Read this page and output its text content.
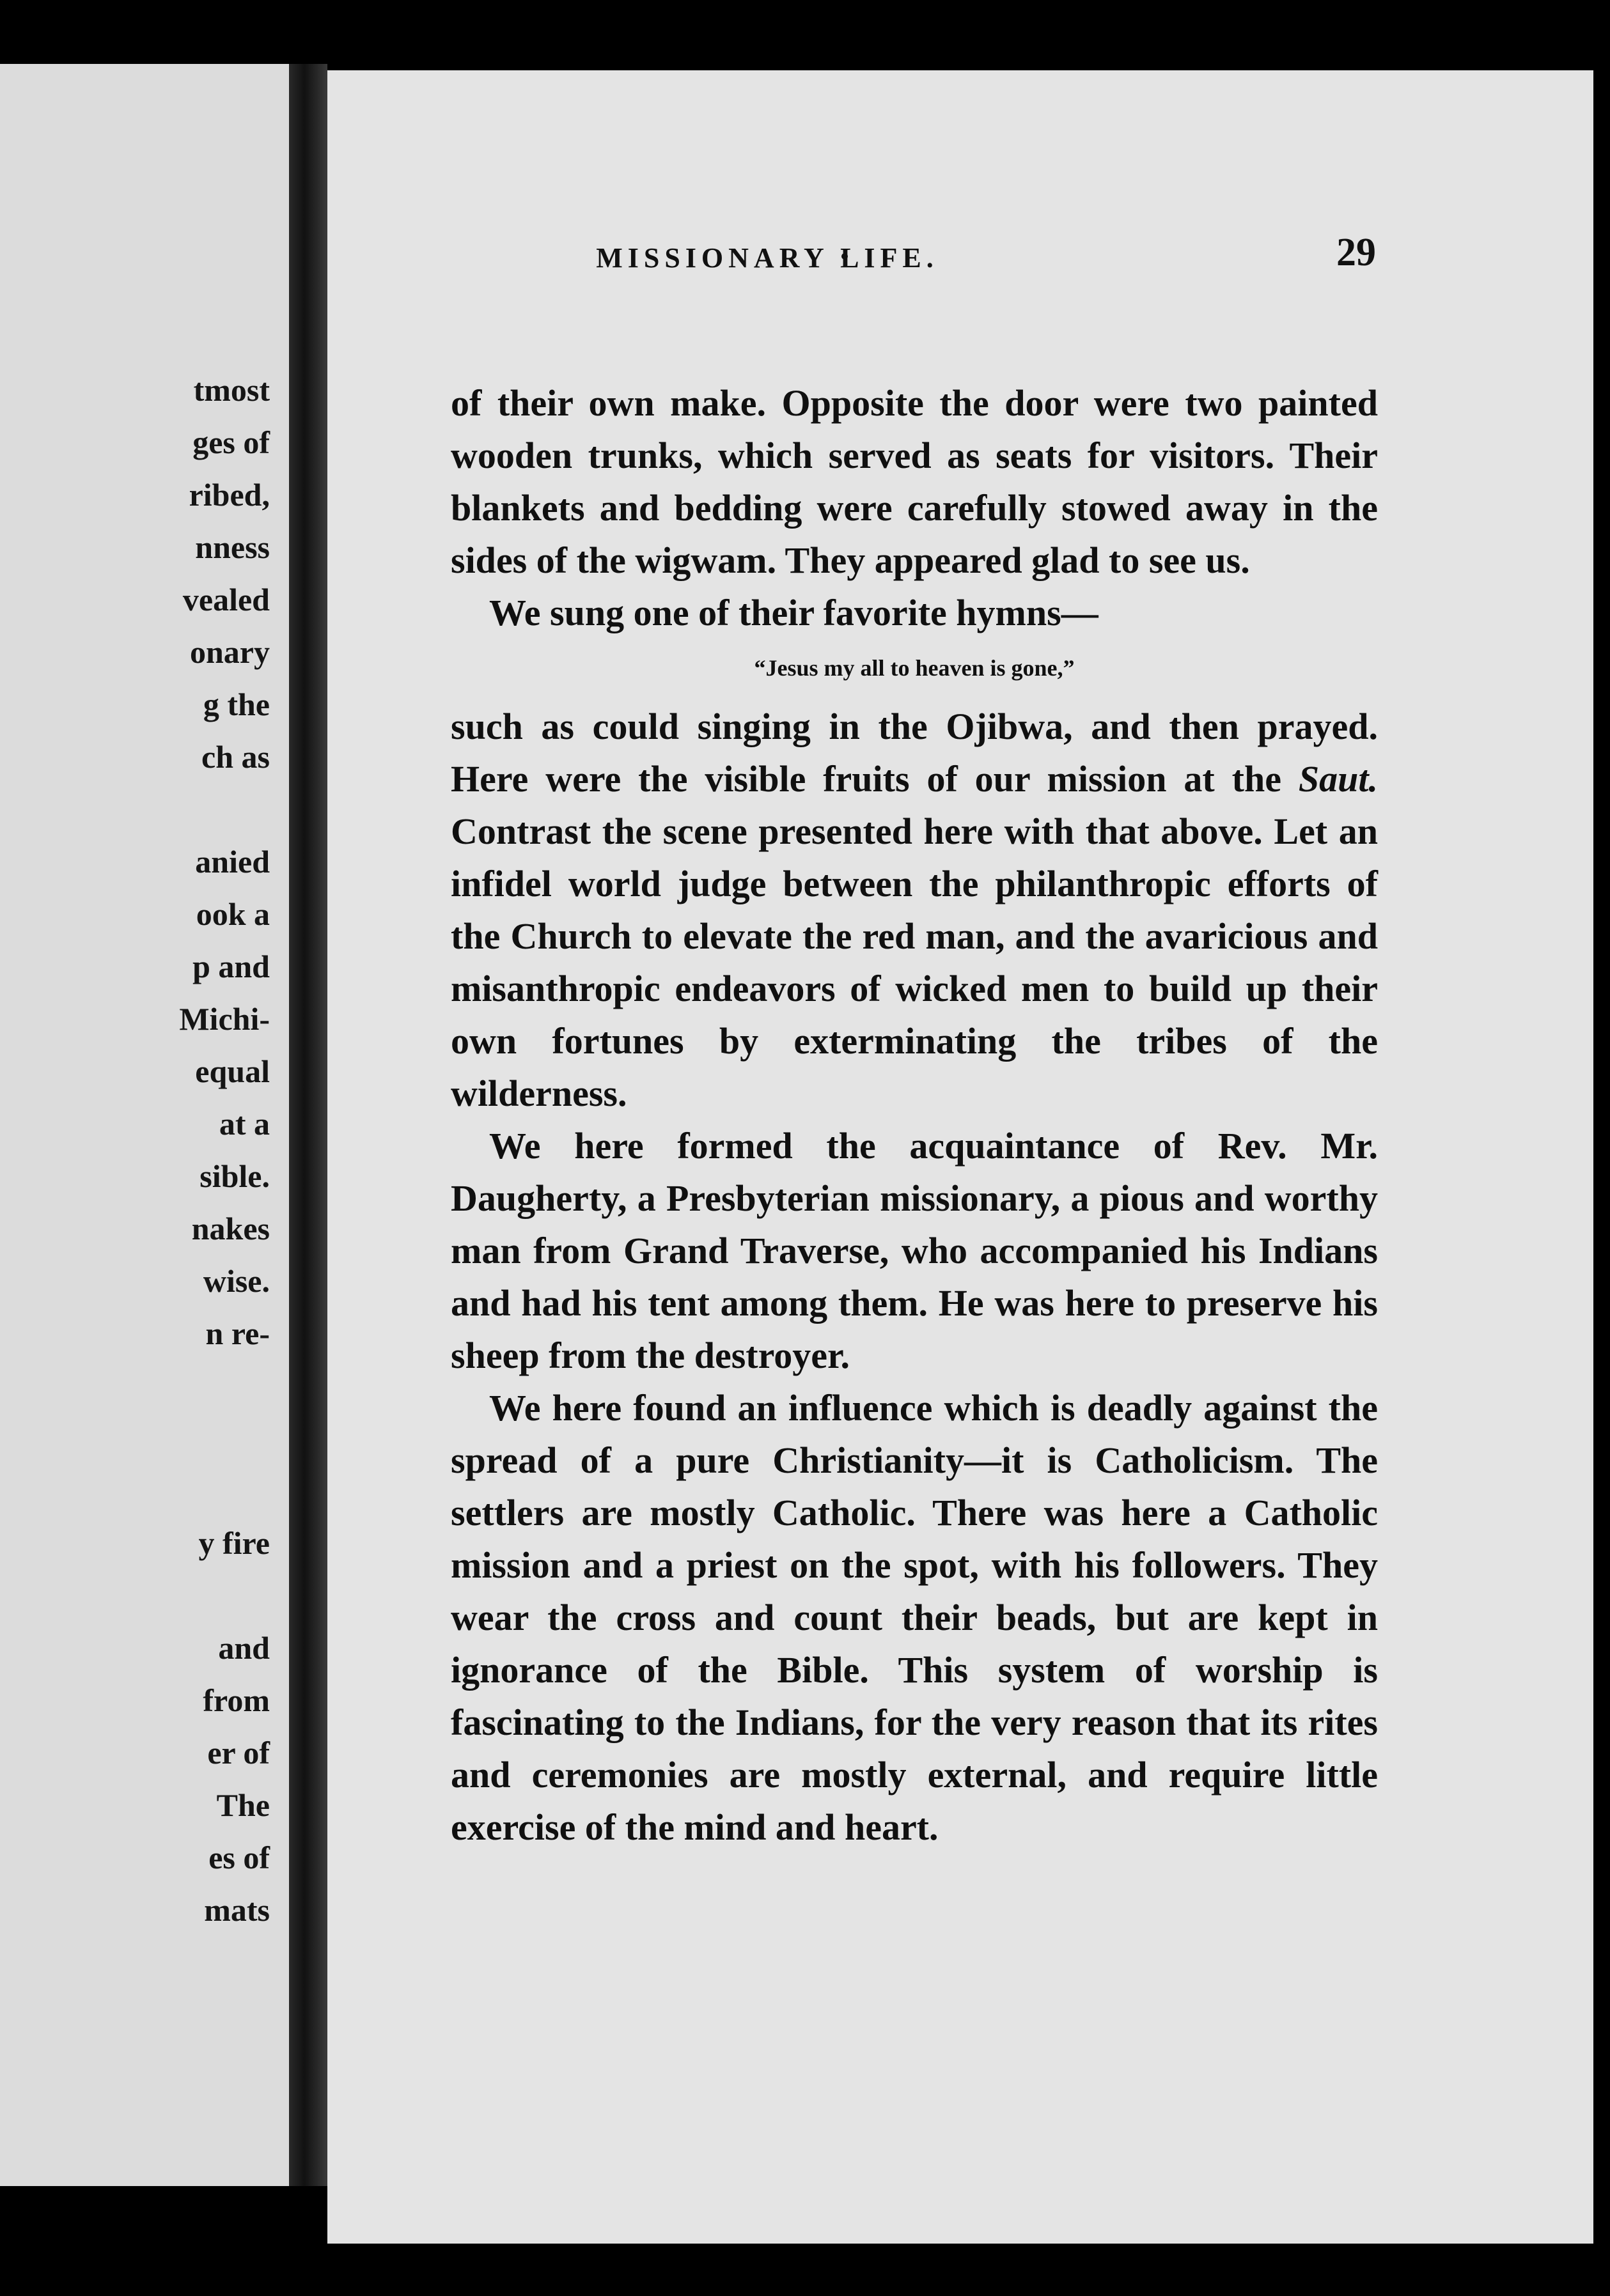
tmost

ges of

ribed,

nness

vealed

onary

g the

ch as

anied

ook a

p and

Michi-

equal

at a

sible.

nakes

wise.

n re-

y fire

and

from

er of

The

es of

mats

MISSIONARY LIFE.	29

of their own make. Opposite the door were two painted wooden trunks, which served as seats for visitors. Their blankets and bedding were carefully stowed away in the sides of the wigwam. They appeared glad to see us.

We sung one of their favorite hymns—

“Jesus my all to heaven is gone,”

such as could singing in the Ojibwa, and then prayed. Here were the visible fruits of our mission at the Saut. Contrast the scene presented here with that above. Let an infidel world judge between the philanthropic efforts of the Church to elevate the red man, and the avaricious and misanthropic endeavors of wicked men to build up their own fortunes by exterminating the tribes of the wilderness.

We here formed the acquaintance of Rev. Mr. Daugherty, a Presbyterian missionary, a pious and worthy man from Grand Traverse, who accompanied his Indians and had his tent among them. He was here to preserve his sheep from the destroyer.

We here found an influence which is deadly against the spread of a pure Christianity—it is Catholicism. The settlers are mostly Catholic. There was here a Catholic mission and a priest on the spot, with his followers. They wear the cross and count their beads, but are kept in ignorance of the Bible. This system of worship is fascinating to the Indians, for the very reason that its rites and ceremonies are mostly external, and require little exercise of the mind and heart.
